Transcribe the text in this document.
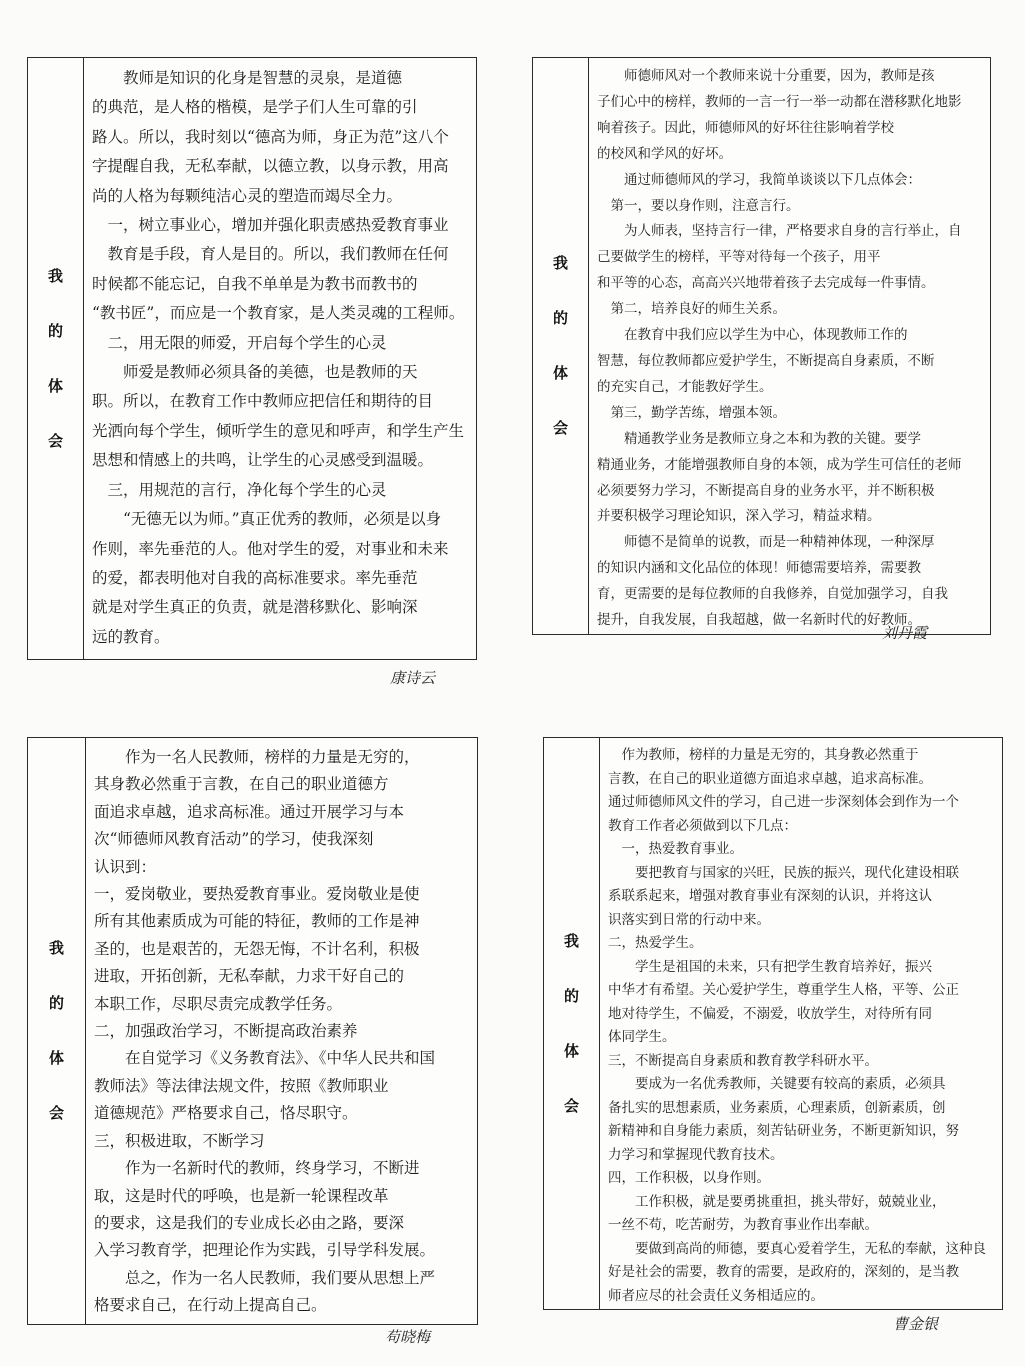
我
的
体
会
教师是知识的化身是智慧的灵泉，是道德
的典范，是人格的楷模，是学子们人生可靠的引
路人。所以，我时刻以“德高为师，身正为范”这八个
字提醒自我，无私奉献，以德立教，以身示教，用高
尚的人格为每颗纯洁心灵的塑造而竭尽全力。
一，树立事业心，增加并强化职责感热爱教育事业
教育是手段，育人是目的。所以，我们教师在任何
时候都不能忘记，自我不单单是为教书而教书的
“教书匠”，而应是一个教育家，是人类灵魂的工程师。
二，用无限的师爱，开启每个学生的心灵
师爱是教师必须具备的美德，也是教师的天
职。所以，在教育工作中教师应把信任和期待的目
光洒向每个学生，倾听学生的意见和呼声，和学生产生
思想和情感上的共鸣，让学生的心灵感受到温暖。
三，用规范的言行，净化每个学生的心灵
“无德无以为师。”真正优秀的教师，必须是以身
作则，率先垂范的人。他对学生的爱，对事业和未来
的爱，都表明他对自我的高标准要求。率先垂范
就是对学生真正的负责，就是潜移默化、影响深
远的教育。
康诗云
我
的
体
会
师德师风对一个教师来说十分重要，因为，教师是孩
子们心中的榜样，教师的一言一行一举一动都在潜移默化地影
响着孩子。因此，师德师风的好坏往往影响着学校
的校风和学风的好坏。
通过师德师风的学习，我简单谈谈以下几点体会：
第一，要以身作则，注意言行。
为人师表，坚持言行一律，严格要求自身的言行举止，自
己要做学生的榜样，平等对待每一个孩子，用平
和平等的心态，高高兴兴地带着孩子去完成每一件事情。
第二，培养良好的师生关系。
在教育中我们应以学生为中心，体现教师工作的
智慧，每位教师都应爱护学生，不断提高自身素质，不断
的充实自己，才能教好学生。
第三，勤学苦练，增强本领。
精通教学业务是教师立身之本和为教的关键。要学
精通业务，才能增强教师自身的本领，成为学生可信任的老师
必须要努力学习，不断提高自身的业务水平，并不断积极
并要积极学习理论知识，深入学习，精益求精。
师德不是简单的说教，而是一种精神体现，一种深厚
的知识内涵和文化品位的体现！师德需要培养，需要教
育，更需要的是每位教师的自我修养，自觉加强学习，自我
提升，自我发展，自我超越，做一名新时代的好教师。
刘丹霞
我
的
体
会
作为一名人民教师，榜样的力量是无穷的，
其身教必然重于言教，在自己的职业道德方
面追求卓越，追求高标准。通过开展学习与本
次“师德师风教育活动”的学习，使我深刻
认识到：
一，爱岗敬业，要热爱教育事业。爱岗敬业是使
所有其他素质成为可能的特征，教师的工作是神
圣的，也是艰苦的，无怨无悔，不计名利，积极
进取，开拓创新，无私奉献，力求干好自己的
本职工作，尽职尽责完成教学任务。
二，加强政治学习，不断提高政治素养
在自觉学习《义务教育法》、《中华人民共和国
教师法》等法律法规文件，按照《教师职业
道德规范》严格要求自己，恪尽职守。
三，积极进取，不断学习
作为一名新时代的教师，终身学习，不断进
取，这是时代的呼唤，也是新一轮课程改革
的要求，这是我们的专业成长必由之路，要深
入学习教育学，把理论作为实践，引导学科发展。
总之，作为一名人民教师，我们要从思想上严
格要求自己，在行动上提高自己。
苟晓梅
我
的
体
会
作为教师，榜样的力量是无穷的，其身教必然重于
言教，在自己的职业道德方面追求卓越，追求高标准。
通过师德师风文件的学习，自己进一步深刻体会到作为一个
教育工作者必须做到以下几点：
一，热爱教育事业。
要把教育与国家的兴旺，民族的振兴，现代化建设相联
系联系起来，增强对教育事业有深刻的认识，并将这认
识落实到日常的行动中来。
二，热爱学生。
学生是祖国的未来，只有把学生教育培养好，振兴
中华才有希望。关心爱护学生，尊重学生人格，平等、公正
地对待学生，不偏爱，不溺爱，收放学生，对待所有同
体同学生。
三，不断提高自身素质和教育教学科研水平。
要成为一名优秀教师，关键要有较高的素质，必须具
备扎实的思想素质，业务素质，心理素质，创新素质，创
新精神和自身能力素质，刻苦钻研业务，不断更新知识，努
力学习和掌握现代教育技术。
四，工作积极，以身作则。
工作积极，就是要勇挑重担，挑头带好，兢兢业业，
一丝不苟，吃苦耐劳，为教育事业作出奉献。
要做到高尚的师德，要真心爱着学生，无私的奉献，这种良
好是社会的需要，教育的需要，是政府的，深刻的，是当教
师者应尽的社会责任义务相适应的。
曹金银
